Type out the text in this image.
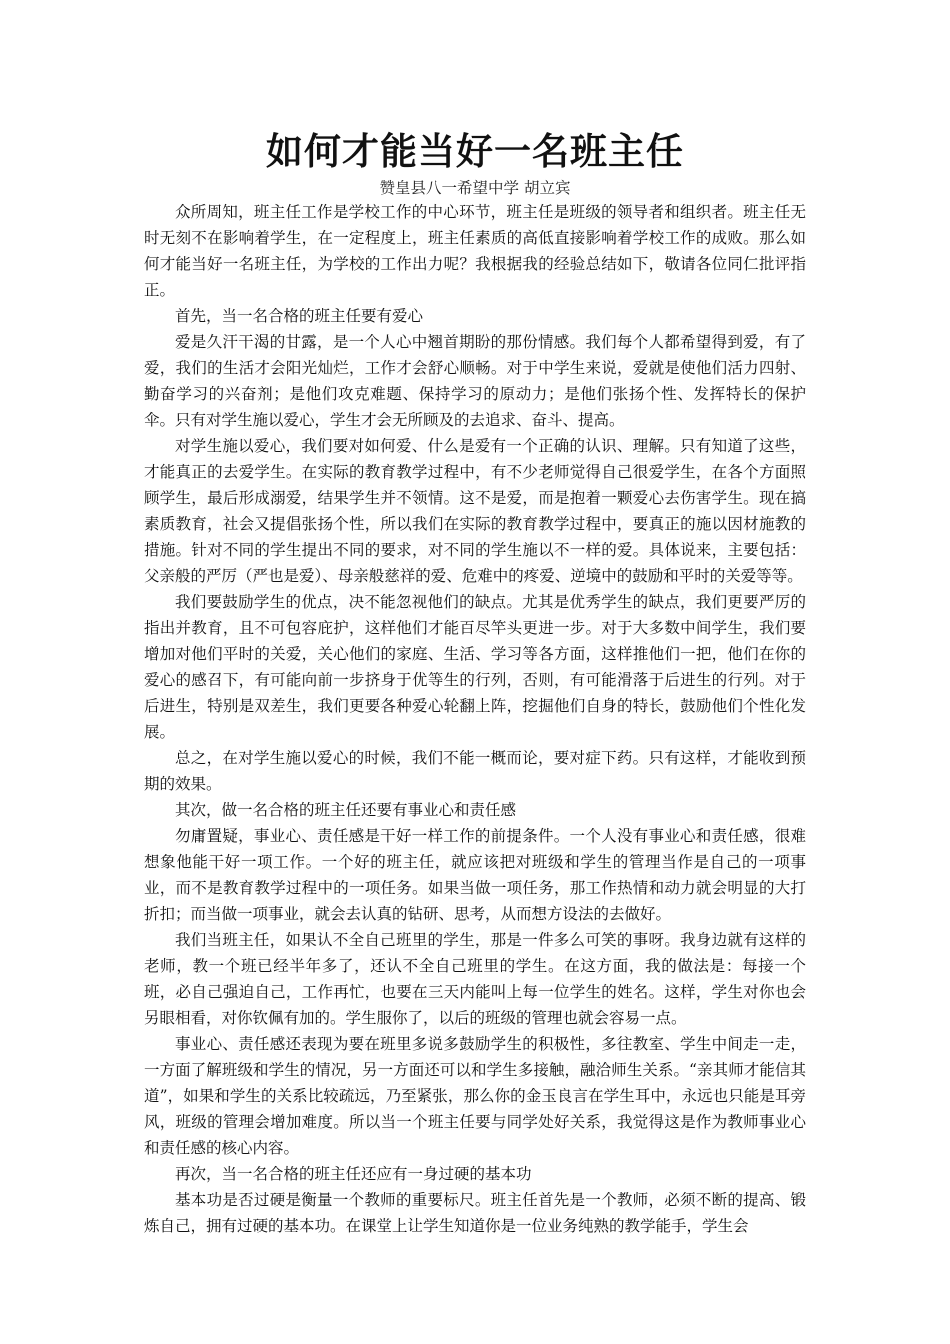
如何才能当好一名班主任

赞皇县八一希望中学 胡立宾

众所周知，班主任工作是学校工作的中心环节，班主任是班级的领导者和组织者。班主任无时无刻不在影响着学生，在一定程度上，班主任素质的高低直接影响着学校工作的成败。那么如何才能当好一名班主任，为学校的工作出力呢？我根据我的经验总结如下，敬请各位同仁批评指正。

首先，当一名合格的班主任要有爱心

爱是久汗干渴的甘露，是一个人心中翘首期盼的那份情感。我们每个人都希望得到爱，有了爱，我们的生活才会阳光灿烂，工作才会舒心顺畅。对于中学生来说，爱就是使他们活力四射、勤奋学习的兴奋剂；是他们攻克难题、保持学习的原动力；是他们张扬个性、发挥特长的保护伞。只有对学生施以爱心，学生才会无所顾及的去追求、奋斗、提高。

对学生施以爱心，我们要对如何爱、什么是爱有一个正确的认识、理解。只有知道了这些，才能真正的去爱学生。在实际的教育教学过程中，有不少老师觉得自己很爱学生，在各个方面照顾学生，最后形成溺爱，结果学生并不领情。这不是爱，而是抱着一颗爱心去伤害学生。现在搞素质教育，社会又提倡张扬个性，所以我们在实际的教育教学过程中，要真正的施以因材施教的措施。针对不同的学生提出不同的要求，对不同的学生施以不一样的爱。具体说来，主要包括：父亲般的严厉（严也是爱）、母亲般慈祥的爱、危难中的疼爱、逆境中的鼓励和平时的关爱等等。

我们要鼓励学生的优点，决不能忽视他们的缺点。尤其是优秀学生的缺点，我们更要严厉的指出并教育，且不可包容庇护，这样他们才能百尽竿头更进一步。对于大多数中间学生，我们要增加对他们平时的关爱，关心他们的家庭、生活、学习等各方面，这样推他们一把，他们在你的爱心的感召下，有可能向前一步挤身于优等生的行列，否则，有可能滑落于后进生的行列。对于后进生，特别是双差生，我们更要各种爱心轮翻上阵，挖掘他们自身的特长，鼓励他们个性化发展。

总之，在对学生施以爱心的时候，我们不能一概而论，要对症下药。只有这样，才能收到预期的效果。

其次，做一名合格的班主任还要有事业心和责任感

勿庸置疑，事业心、责任感是干好一样工作的前提条件。一个人没有事业心和责任感，很难想象他能干好一项工作。一个好的班主任，就应该把对班级和学生的管理当作是自己的一项事业，而不是教育教学过程中的一项任务。如果当做一项任务，那工作热情和动力就会明显的大打折扣；而当做一项事业，就会去认真的钻研、思考，从而想方设法的去做好。

我们当班主任，如果认不全自己班里的学生，那是一件多么可笑的事呀。我身边就有这样的老师，教一个班已经半年多了，还认不全自己班里的学生。在这方面，我的做法是：每接一个班，必自己强迫自己，工作再忙，也要在三天内能叫上每一位学生的姓名。这样，学生对你也会另眼相看，对你钦佩有加的。学生服你了，以后的班级的管理也就会容易一点。

事业心、责任感还表现为要在班里多说多鼓励学生的积极性，多往教室、学生中间走一走，一方面了解班级和学生的情况，另一方面还可以和学生多接触，融洽师生关系。“亲其师才能信其道”，如果和学生的关系比较疏远，乃至紧张，那么你的金玉良言在学生耳中，永远也只能是耳旁风，班级的管理会增加难度。所以当一个班主任要与同学处好关系，我觉得这是作为教师事业心和责任感的核心内容。

再次，当一名合格的班主任还应有一身过硬的基本功

基本功是否过硬是衡量一个教师的重要标尺。班主任首先是一个教师，必须不断的提高、锻炼自己，拥有过硬的基本功。在课堂上让学生知道你是一位业务纯熟的教学能手，学生会
